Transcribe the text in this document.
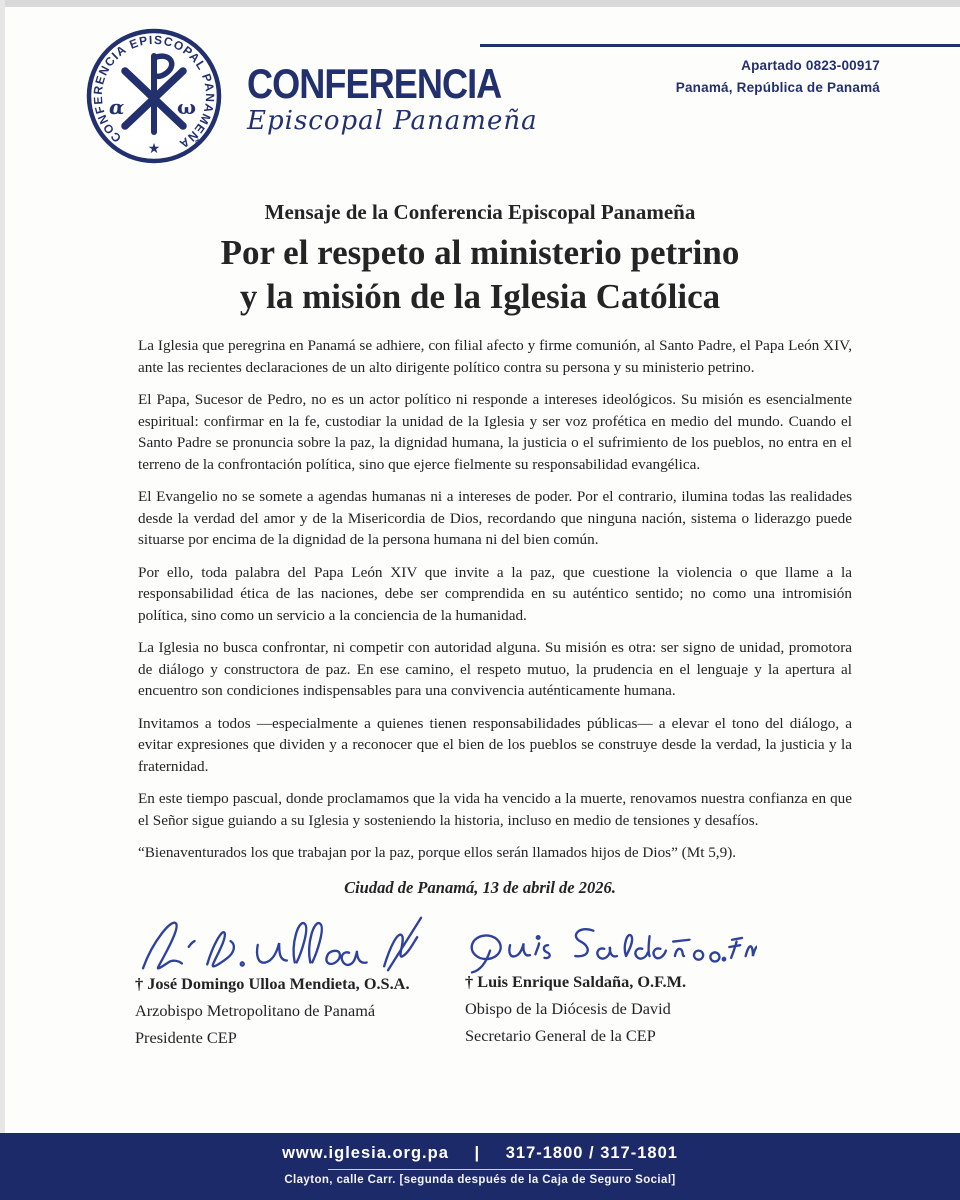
CONFERENCIA EPISCOPAL PANAMEÑA
α	ω
★
CONFERENCIA
Episcopal Panameña
Apartado 0823-00917
Panamá, República de Panamá
Mensaje de la Conferencia Episcopal Panameña
Por el respeto al ministerio petrino
y la misión de la Iglesia Católica

La Iglesia que peregrina en Panamá se adhiere, con filial afecto y firme comunión, al Santo Padre, el Papa León XIV, ante las recientes declaraciones de un alto dirigente político contra su persona y su ministerio petrino.

El Papa, Sucesor de Pedro, no es un actor político ni responde a intereses ideológicos. Su misión es esencialmente espiritual: confirmar en la fe, custodiar la unidad de la Iglesia y ser voz profética en medio del mundo. Cuando el Santo Padre se pronuncia sobre la paz, la dignidad humana, la justicia o el sufrimiento de los pueblos, no entra en el terreno de la confrontación política, sino que ejerce fielmente su responsabilidad evangélica.

El Evangelio no se somete a agendas humanas ni a intereses de poder. Por el contrario, ilumina todas las realidades desde la verdad del amor y de la Misericordia de Dios, recordando que ninguna nación, sistema o liderazgo puede situarse por encima de la dignidad de la persona humana ni del bien común.

Por ello, toda palabra del Papa León XIV que invite a la paz, que cuestione la violencia o que llame a la responsabilidad ética de las naciones, debe ser comprendida en su auténtico sentido; no como una intromisión política, sino como un servicio a la conciencia de la humanidad.

La Iglesia no busca confrontar, ni competir con autoridad alguna. Su misión es otra: ser signo de unidad, promotora de diálogo y constructora de paz. En ese camino, el respeto mutuo, la prudencia en el lenguaje y la apertura al encuentro son condiciones indispensables para una convivencia auténticamente humana.

Invitamos a todos —especialmente a quienes tienen responsabilidades públicas— a elevar el tono del diálogo, a evitar expresiones que dividen y a reconocer que el bien de los pueblos se construye desde la verdad, la justicia y la fraternidad.

En este tiempo pascual, donde proclamamos que la vida ha vencido a la muerte, renovamos nuestra confianza en que el Señor sigue guiando a su Iglesia y sosteniendo la historia, incluso en medio de tensiones y desafíos.

“Bienaventurados los que trabajan por la paz, porque ellos serán llamados hijos de Dios” (Mt 5,9).

Ciudad de Panamá, 13 de abril de 2026.
† José Domingo Ulloa Mendieta, O.S.A.
Arzobispo Metropolitano de Panamá
Presidente CEP
† Luis Enrique Saldaña, O.F.M.
Obispo de la Diócesis de David
Secretario General de la CEP
www.iglesia.org.pa | 317-1800 / 317-1801
Clayton, calle Carr. [segunda después de la Caja de Seguro Social]
